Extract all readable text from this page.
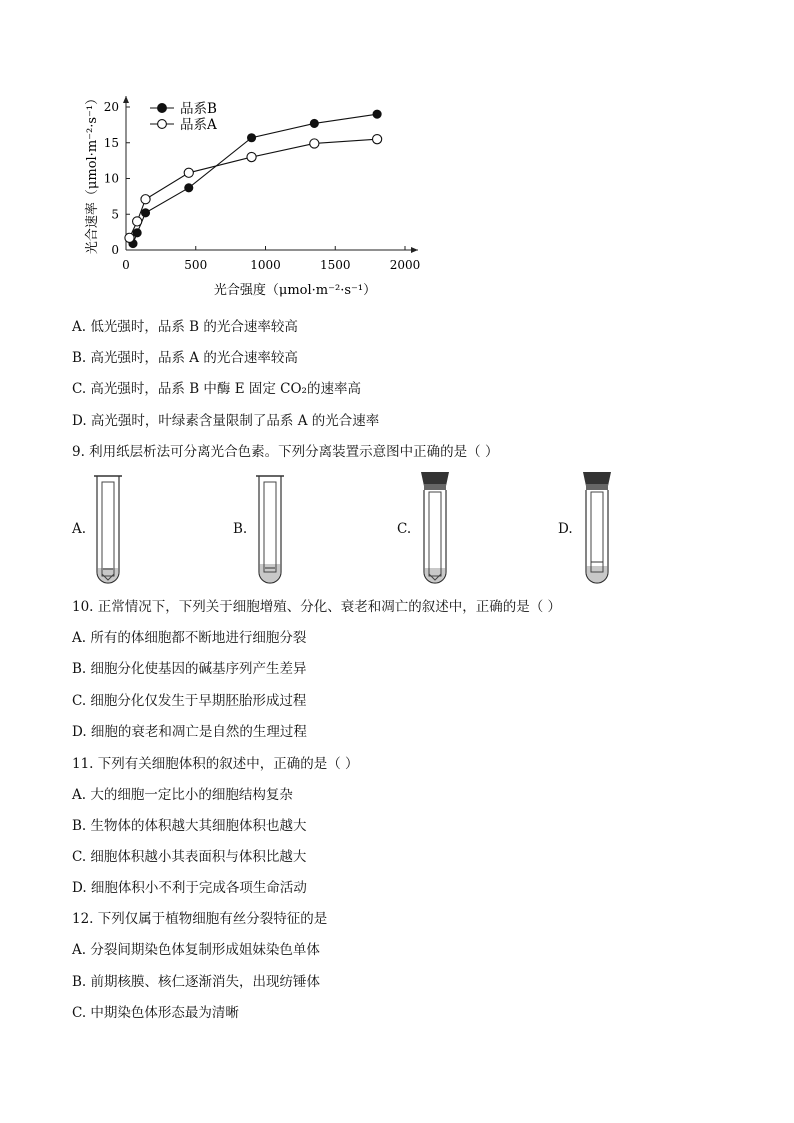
0	500	1000	1500	2000
0
5
10
15
20	品系B
品系A
光合速率（μmol·m⁻²·s⁻¹）
光合强度（μmol·m⁻²·s⁻¹）
A. 低光强时，品系 B 的光合速率较高
B. 高光强时，品系 A 的光合速率较高
C. 高光强时，品系 B 中酶 E 固定 CO₂的速率高
D. 高光强时，叶绿素含量限制了品系 A 的光合速率
9. 利用纸层析法可分离光合色素。下列分离装置示意图中正确的是（ ）
A.	B.	C.	D.
10. 正常情况下，下列关于细胞增殖、分化、衰老和凋亡的叙述中，正确的是（ ）
A. 所有的体细胞都不断地进行细胞分裂
B. 细胞分化使基因的碱基序列产生差异
C. 细胞分化仅发生于早期胚胎形成过程
D. 细胞的衰老和凋亡是自然的生理过程
11. 下列有关细胞体积的叙述中，正确的是（ ）
A. 大的细胞一定比小的细胞结构复杂
B. 生物体的体积越大其细胞体积也越大
C. 细胞体积越小其表面积与体积比越大
D. 细胞体积小不利于完成各项生命活动
12. 下列仅属于植物细胞有丝分裂特征的是
A. 分裂间期染色体复制形成姐妹染色单体
B. 前期核膜、核仁逐渐消失，出现纺锤体
C. 中期染色体形态最为清晰
